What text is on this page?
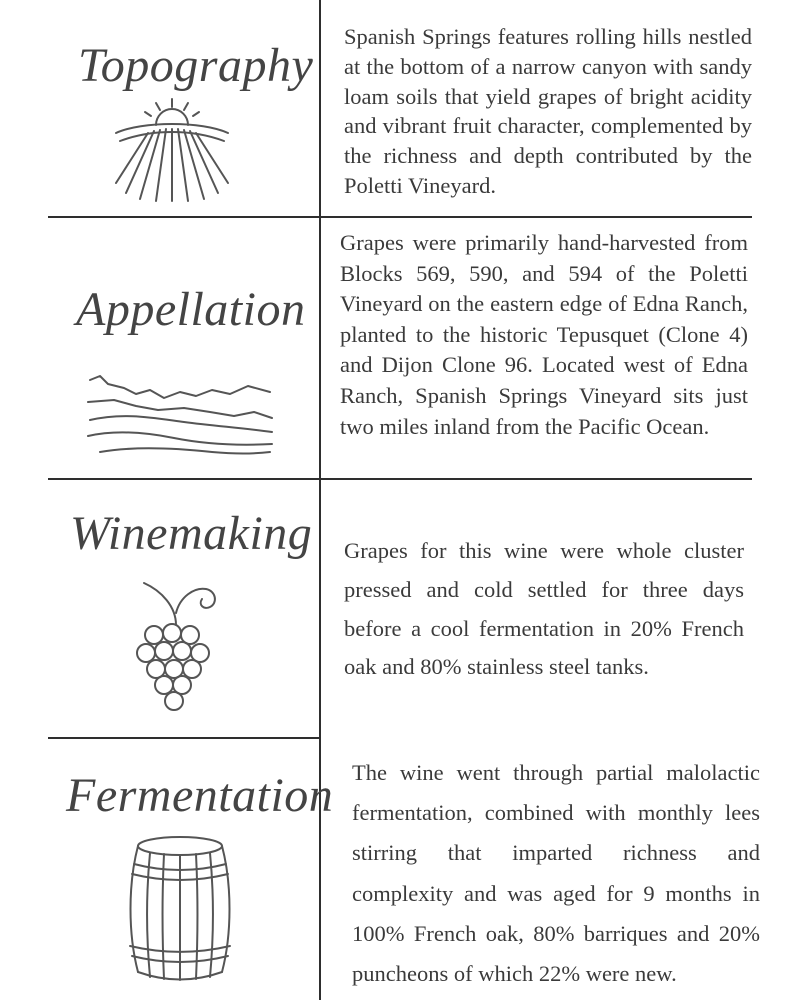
Topography

Spanish Springs features rolling hills nestled at the bottom of a narrow canyon with sandy loam soils that yield grapes of bright acidity and vibrant fruit character, complemented by the richness and depth contributed by the Poletti Vineyard.

Appellation

Grapes were primarily hand-harvested from Blocks 569, 590, and 594 of the Poletti Vineyard on the eastern edge of Edna Ranch, planted to the historic Tepusquet (Clone 4) and Dijon Clone 96. Located west of Edna Ranch, Spanish Springs Vineyard sits just two miles inland from the Pacific Ocean.

Winemaking Grapes for this wine were whole cluster pressed and cold settled for three days before a cool fermentation in 20% French oak and 80% stainless steel tanks.

Fermentation The wine went through partial malolactic fermentation, combined with monthly lees stirring that imparted richness and complexity and was aged for 9 months in 100% French oak, 80% barriques and 20% puncheons of which 22% were new.
